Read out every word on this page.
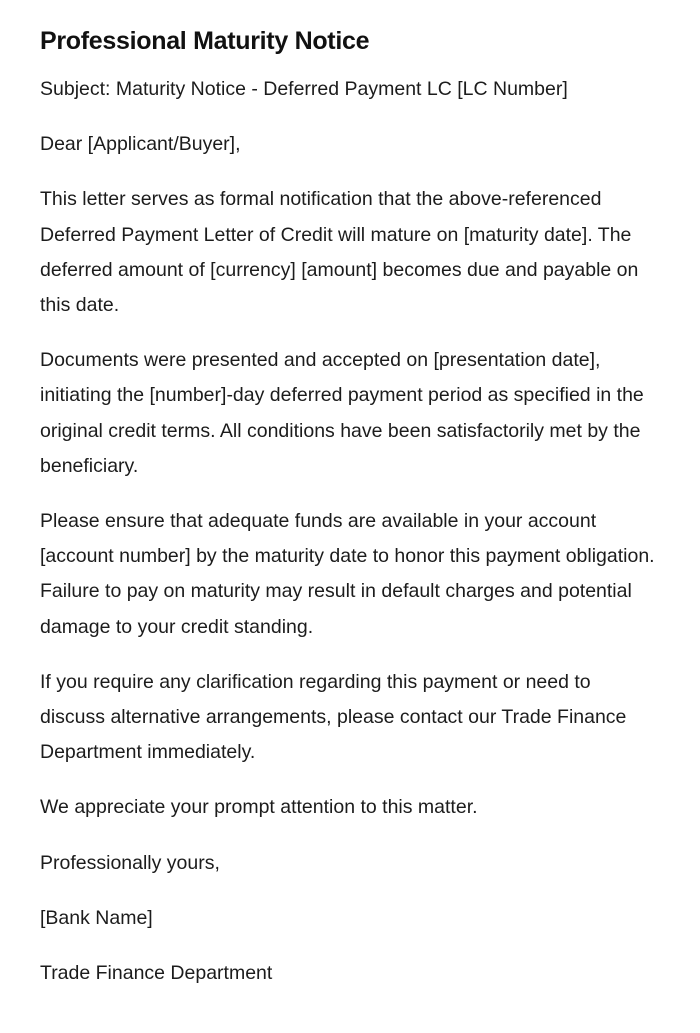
Professional Maturity Notice

Subject: Maturity Notice - Deferred Payment LC [LC Number]

Dear [Applicant/Buyer],

This letter serves as formal notification that the above-referenced Deferred Payment Letter of Credit will mature on [maturity date]. The deferred amount of [currency] [amount] becomes due and payable on this date.

Documents were presented and accepted on [presentation date], initiating the [number]-day deferred payment period as specified in the original credit terms. All conditions have been satisfactorily met by the beneficiary.

Please ensure that adequate funds are available in your account [account number] by the maturity date to honor this payment obligation. Failure to pay on maturity may result in default charges and potential damage to your credit standing.

If you require any clarification regarding this payment or need to discuss alternative arrangements, please contact our Trade Finance Department immediately.

We appreciate your prompt attention to this matter.

Professionally yours,

[Bank Name]

Trade Finance Department
